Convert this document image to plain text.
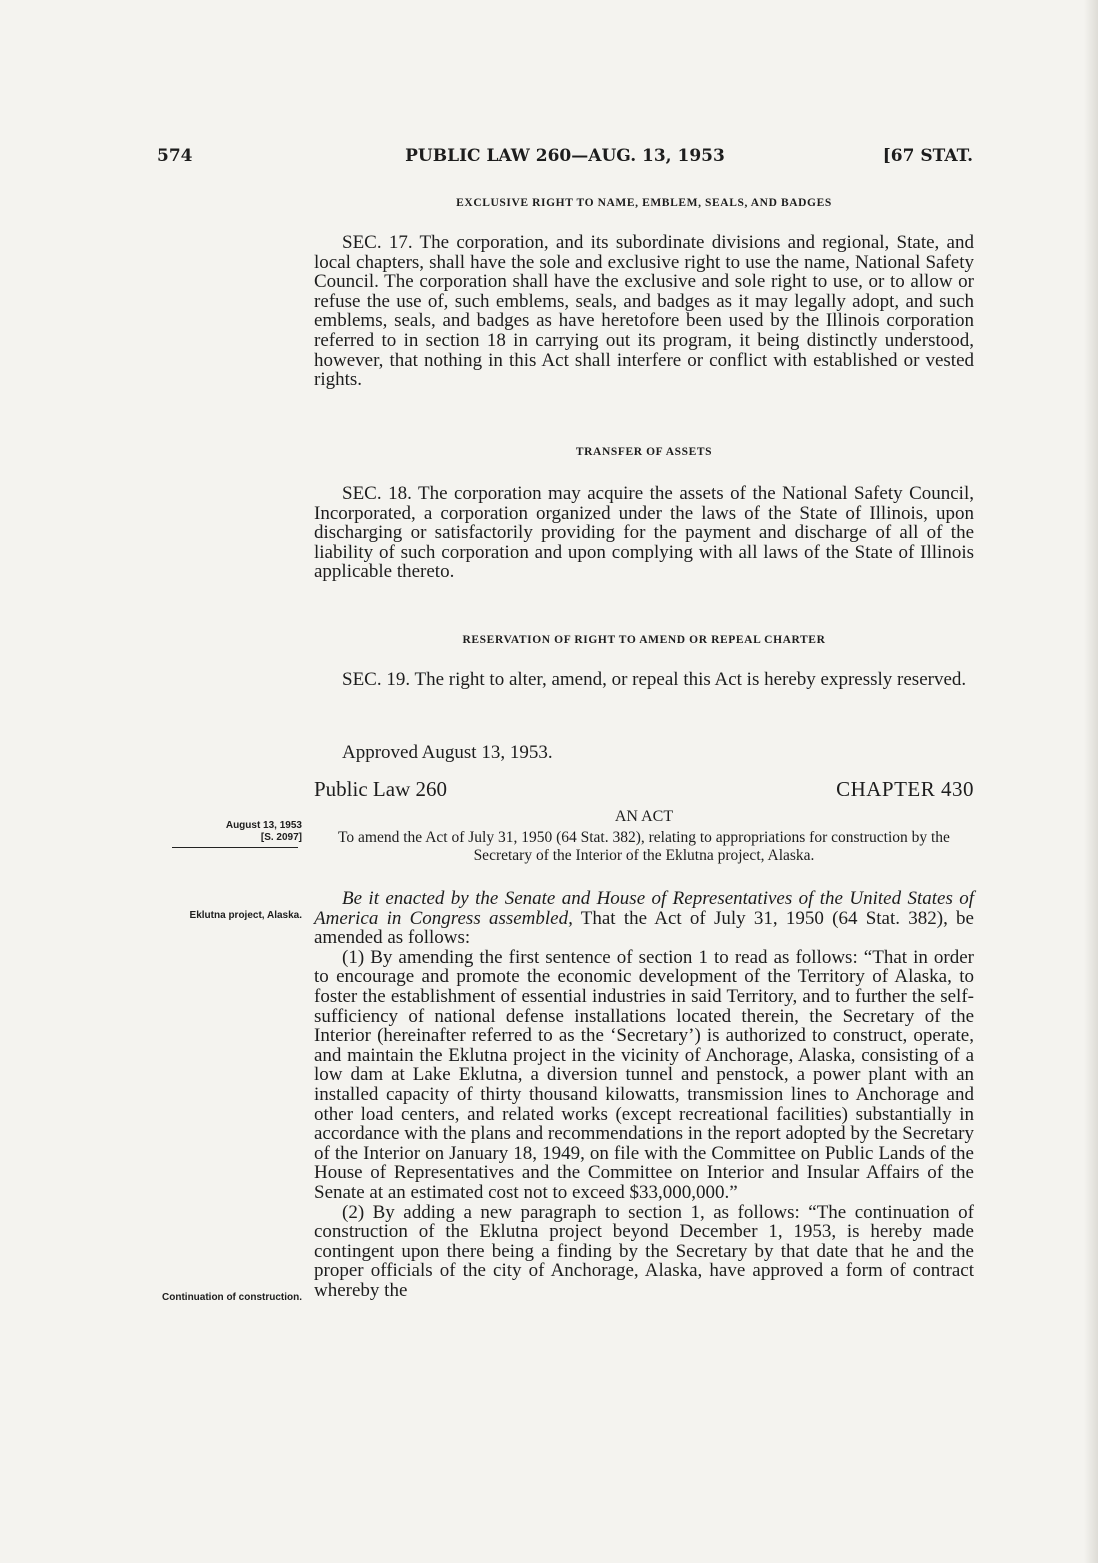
574	PUBLIC LAW 260—AUG. 13, 1953	[67 STAT.
EXCLUSIVE RIGHT TO NAME, EMBLEM, SEALS, AND BADGES

SEC. 17. The corporation, and its subordinate divisions and regional, State, and local chapters, shall have the sole and exclusive right to use the name, National Safety Council. The corporation shall have the exclusive and sole right to use, or to allow or refuse the use of, such emblems, seals, and badges as it may legally adopt, and such emblems, seals, and badges as have heretofore been used by the Illinois corporation referred to in section 18 in carrying out its program, it being distinctly understood, however, that nothing in this Act shall interfere or conflict with established or vested rights.

TRANSFER OF ASSETS

SEC. 18. The corporation may acquire the assets of the National Safety Council, Incorporated, a corporation organized under the laws of the State of Illinois, upon discharging or satisfactorily providing for the payment and discharge of all of the liability of such corporation and upon complying with all laws of the State of Illinois applicable thereto.

RESERVATION OF RIGHT TO AMEND OR REPEAL CHARTER

SEC. 19. The right to alter, amend, or repeal this Act is hereby expressly reserved.

Approved August 13, 1953.
Public Law 260	CHAPTER 430
AN ACT
To amend the Act of July 31, 1950 (64 Stat. 382), relating to appropriations for construction by the Secretary of the Interior of the Eklutna project, Alaska.
August 13, 1953
[S. 2097]
Eklutna project, Alaska.
Continuation of construction.

Be it enacted by the Senate and House of Representatives of the United States of America in Congress assembled, That the Act of July 31, 1950 (64 Stat. 382), be amended as follows:

(1) By amending the first sentence of section 1 to read as follows: “That in order to encourage and promote the economic development of the Territory of Alaska, to foster the establishment of essential industries in said Territory, and to further the self-sufficiency of national defense installations located therein, the Secretary of the Interior (hereinafter referred to as the ‘Secretary’) is authorized to construct, operate, and maintain the Eklutna project in the vicinity of Anchorage, Alaska, consisting of a low dam at Lake Eklutna, a diversion tunnel and penstock, a power plant with an installed capacity of thirty thousand kilowatts, transmission lines to Anchorage and other load centers, and related works (except recreational facilities) substantially in accordance with the plans and recommendations in the report adopted by the Secretary of the Interior on January 18, 1949, on file with the Committee on Public Lands of the House of Representatives and the Committee on Interior and Insular Affairs of the Senate at an estimated cost not to exceed $33,000,000.”

(2) By adding a new paragraph to section 1, as follows: “The continuation of construction of the Eklutna project beyond December 1, 1953, is hereby made contingent upon there being a finding by the Secretary by that date that he and the proper officials of the city of Anchorage, Alaska, have approved a form of contract whereby the
